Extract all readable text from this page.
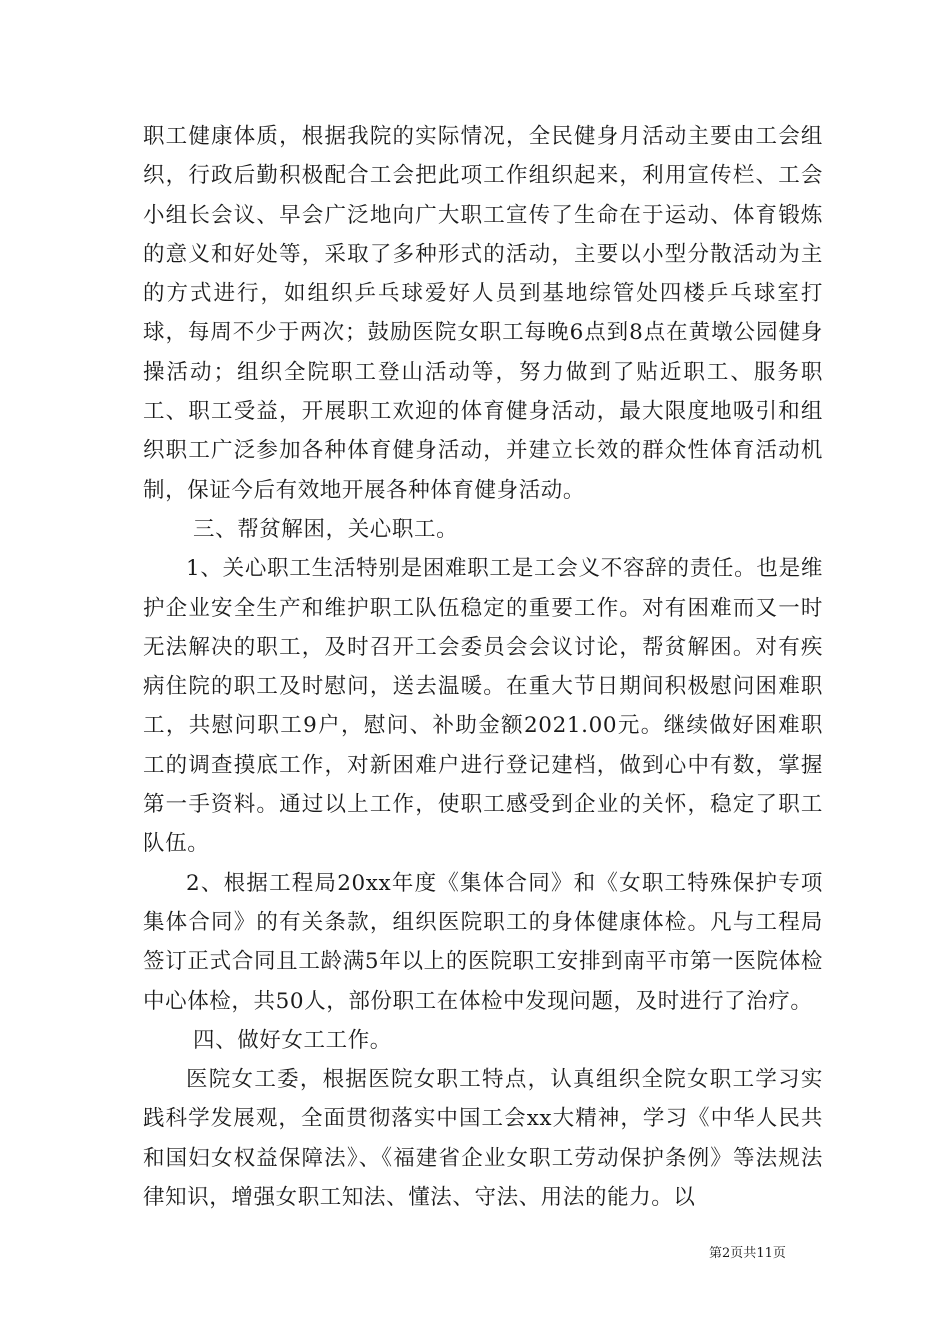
职工健康体质，根据我院的实际情况，全民健身月活动主要由工会组织，行政后勤积极配合工会把此项工作组织起来，利用宣传栏、工会小组长会议、早会广泛地向广大职工宣传了生命在于运动、体育锻炼的意义和好处等，采取了多种形式的活动，主要以小型分散活动为主的方式进行，如组织乒乓球爱好人员到基地综管处四楼乒乓球室打球，每周不少于两次；鼓励医院女职工每晚6点到8点在黄墩公园健身操活动；组织全院职工登山活动等，努力做到了贴近职工、服务职工、职工受益，开展职工欢迎的体育健身活动，最大限度地吸引和组织职工广泛参加各种体育健身活动，并建立长效的群众性体育活动机制，保证今后有效地开展各种体育健身活动。

三、帮贫解困，关心职工。

1、关心职工生活特别是困难职工是工会义不容辞的责任。也是维护企业安全生产和维护职工队伍稳定的重要工作。对有困难而又一时无法解决的职工，及时召开工会委员会会议讨论，帮贫解困。对有疾病住院的职工及时慰问，送去温暖。在重大节日期间积极慰问困难职工，共慰问职工9户，慰问、补助金额2021.00元。继续做好困难职工的调查摸底工作，对新困难户进行登记建档，做到心中有数，掌握第一手资料。通过以上工作，使职工感受到企业的关怀，稳定了职工队伍。

2、根据工程局20xx年度《集体合同》和《女职工特殊保护专项集体合同》的有关条款，组织医院职工的身体健康体检。凡与工程局签订正式合同且工龄满5年以上的医院职工安排到南平市第一医院体检中心体检，共50人，部份职工在体检中发现问题，及时进行了治疗。

四、做好女工工作。

医院女工委，根据医院女职工特点，认真组织全院女职工学习实践科学发展观，全面贯彻落实中国工会xx大精神，学习《中华人民共和国妇女权益保障法》、《福建省企业女职工劳动保护条例》等法规法律知识，增强女职工知法、懂法、守法、用法的能力。以

第2页共11页
